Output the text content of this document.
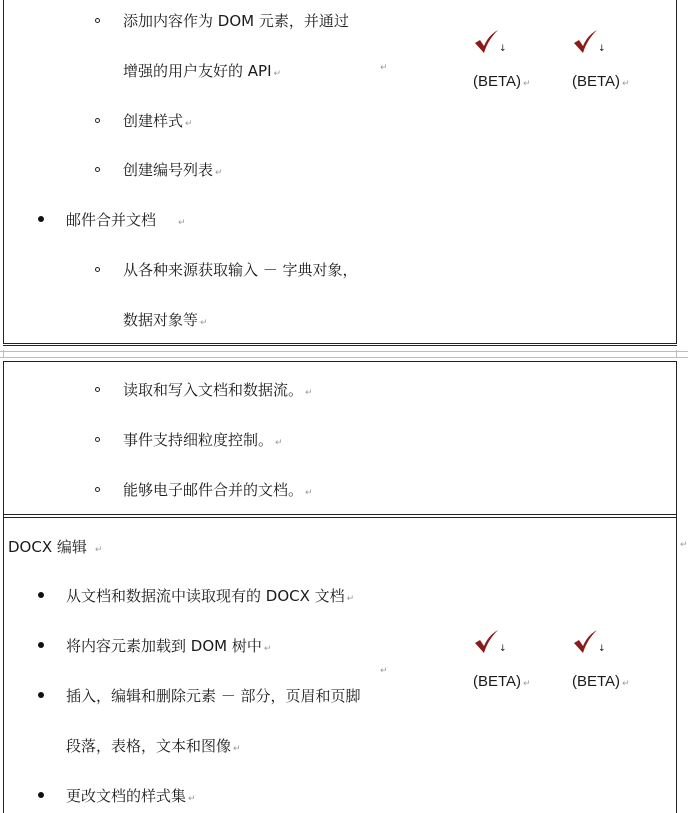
添加内容作为 DOM 元素，并通过
增强的用户友好的 API ↵
↵
创建样式 ↵
创建编号列表 ↵
邮件合并文档 ↵
从各种来源获取输入 － 字典对象，
数据对象等 ↵
↓	↓
(BETA) ↵	(BETA) ↵
读取和写入文档和数据流。 ↵
事件支持细粒度控制。 ↵
能够电子邮件合并的文档。 ↵
DOCX 编辑 ↵	↵
从文档和数据流中读取现有的 DOCX 文档 ↵
将内容元素加载到 DOM 树中 ↵
↵
插入，编辑和删除元素 － 部分，页眉和页脚
段落，表格，文本和图像 ↵
更改文档的样式集 ↵
↓	↓
(BETA) ↵	(BETA) ↵
